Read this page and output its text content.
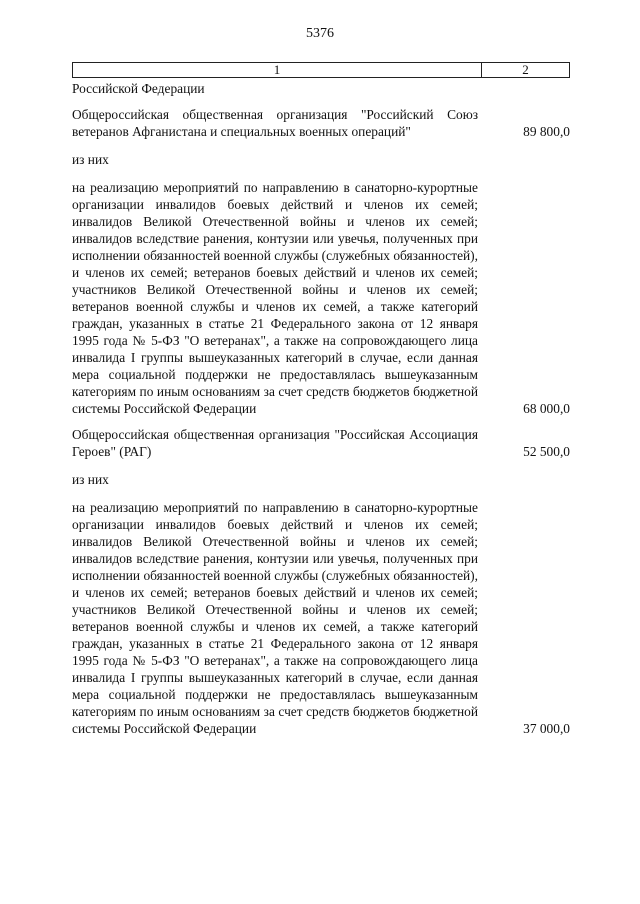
5376
1	2
Российской Федерации
Общероссийская общественная организация "Российский Союз ветеранов Афганистана и специальных военных операций"	89 800,0
из них
на реализацию мероприятий по направлению в санаторно-курортные организации инвалидов боевых действий и членов их семей; инвалидов Великой Отечественной войны и членов их семей; инвалидов вследствие ранения, контузии или увечья, полученных при исполнении обязанностей военной службы (служебных обязанностей), и членов их семей; ветеранов боевых действий и членов их семей; участников Великой Отечественной войны и членов их семей; ветеранов военной службы и членов их семей, а также категорий граждан, указанных в статье 21 Федерального закона от 12 января 1995 года № 5-ФЗ "О ветеранах", а также на сопровождающего лица инвалида I группы вышеуказанных категорий в случае, если данная мера социальной поддержки не предоставлялась вышеуказанным категориям по иным основаниям за счет средств бюджетов бюджетной системы Российской Федерации	68 000,0
Общероссийская общественная организация "Российская Ассоциация Героев" (РАГ)	52 500,0
из них
на реализацию мероприятий по направлению в санаторно-курортные организации инвалидов боевых действий и членов их семей; инвалидов Великой Отечественной войны и членов их семей; инвалидов вследствие ранения, контузии или увечья, полученных при исполнении обязанностей военной службы (служебных обязанностей), и членов их семей; ветеранов боевых действий и членов их семей; участников Великой Отечественной войны и членов их семей; ветеранов военной службы и членов их семей, а также категорий граждан, указанных в статье 21 Федерального закона от 12 января 1995 года № 5-ФЗ "О ветеранах", а также на сопровождающего лица инвалида I группы вышеуказанных категорий в случае, если данная мера социальной поддержки не предоставлялась вышеуказанным категориям по иным основаниям за счет средств бюджетов бюджетной системы Российской Федерации	37 000,0
